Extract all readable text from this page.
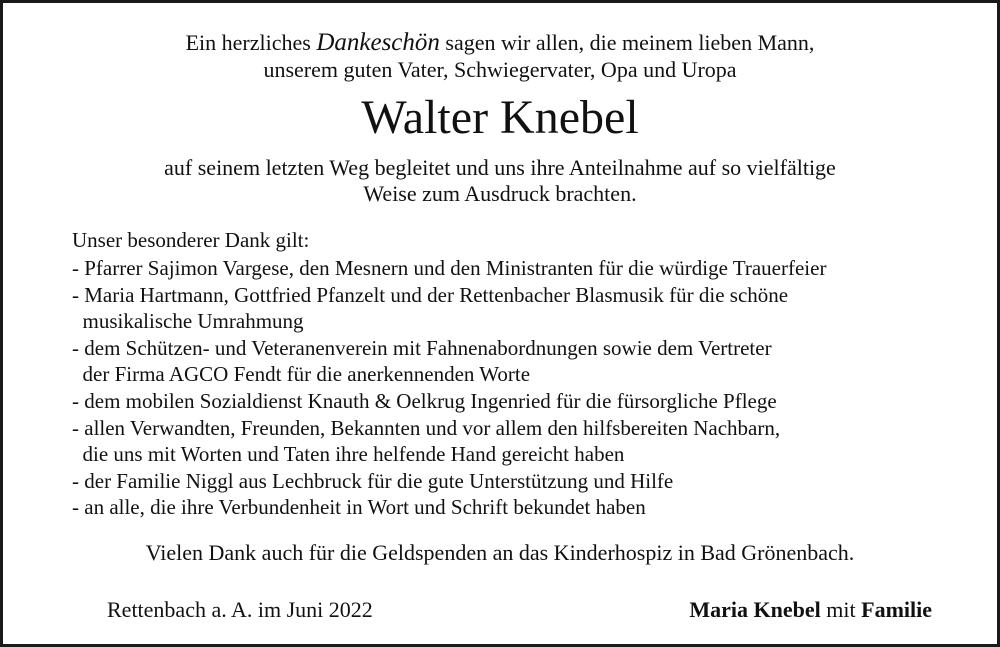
Ein herzliches Dankeschön sagen wir allen, die meinem lieben Mann,
unserem guten Vater, Schwiegervater, Opa und Uropa
Walter Knebel
auf seinem letzten Weg begleitet und uns ihre Anteilnahme auf so vielfältige
Weise zum Ausdruck brachten.
Unser besonderer Dank gilt:
- Pfarrer Sajimon Vargese, den Mesnern und den Ministranten für die würdige Trauerfeier
- Maria Hartmann, Gottfried Pfanzelt und der Rettenbacher Blasmusik für die schöne
musikalische Umrahmung
- dem Schützen- und Veteranenverein mit Fahnenabordnungen sowie dem Vertreter
der Firma AGCO Fendt für die anerkennenden Worte
- dem mobilen Sozialdienst Knauth & Oelkrug Ingenried für die fürsorgliche Pflege
- allen Verwandten, Freunden, Bekannten und vor allem den hilfsbereiten Nachbarn,
die uns mit Worten und Taten ihre helfende Hand gereicht haben
- der Familie Niggl aus Lechbruck für die gute Unterstützung und Hilfe
- an alle, die ihre Verbundenheit in Wort und Schrift bekundet haben
Vielen Dank auch für die Geldspenden an das Kinderhospiz in Bad Grönenbach.
Rettenbach a. A. im Juni 2022	Maria Knebel mit Familie
